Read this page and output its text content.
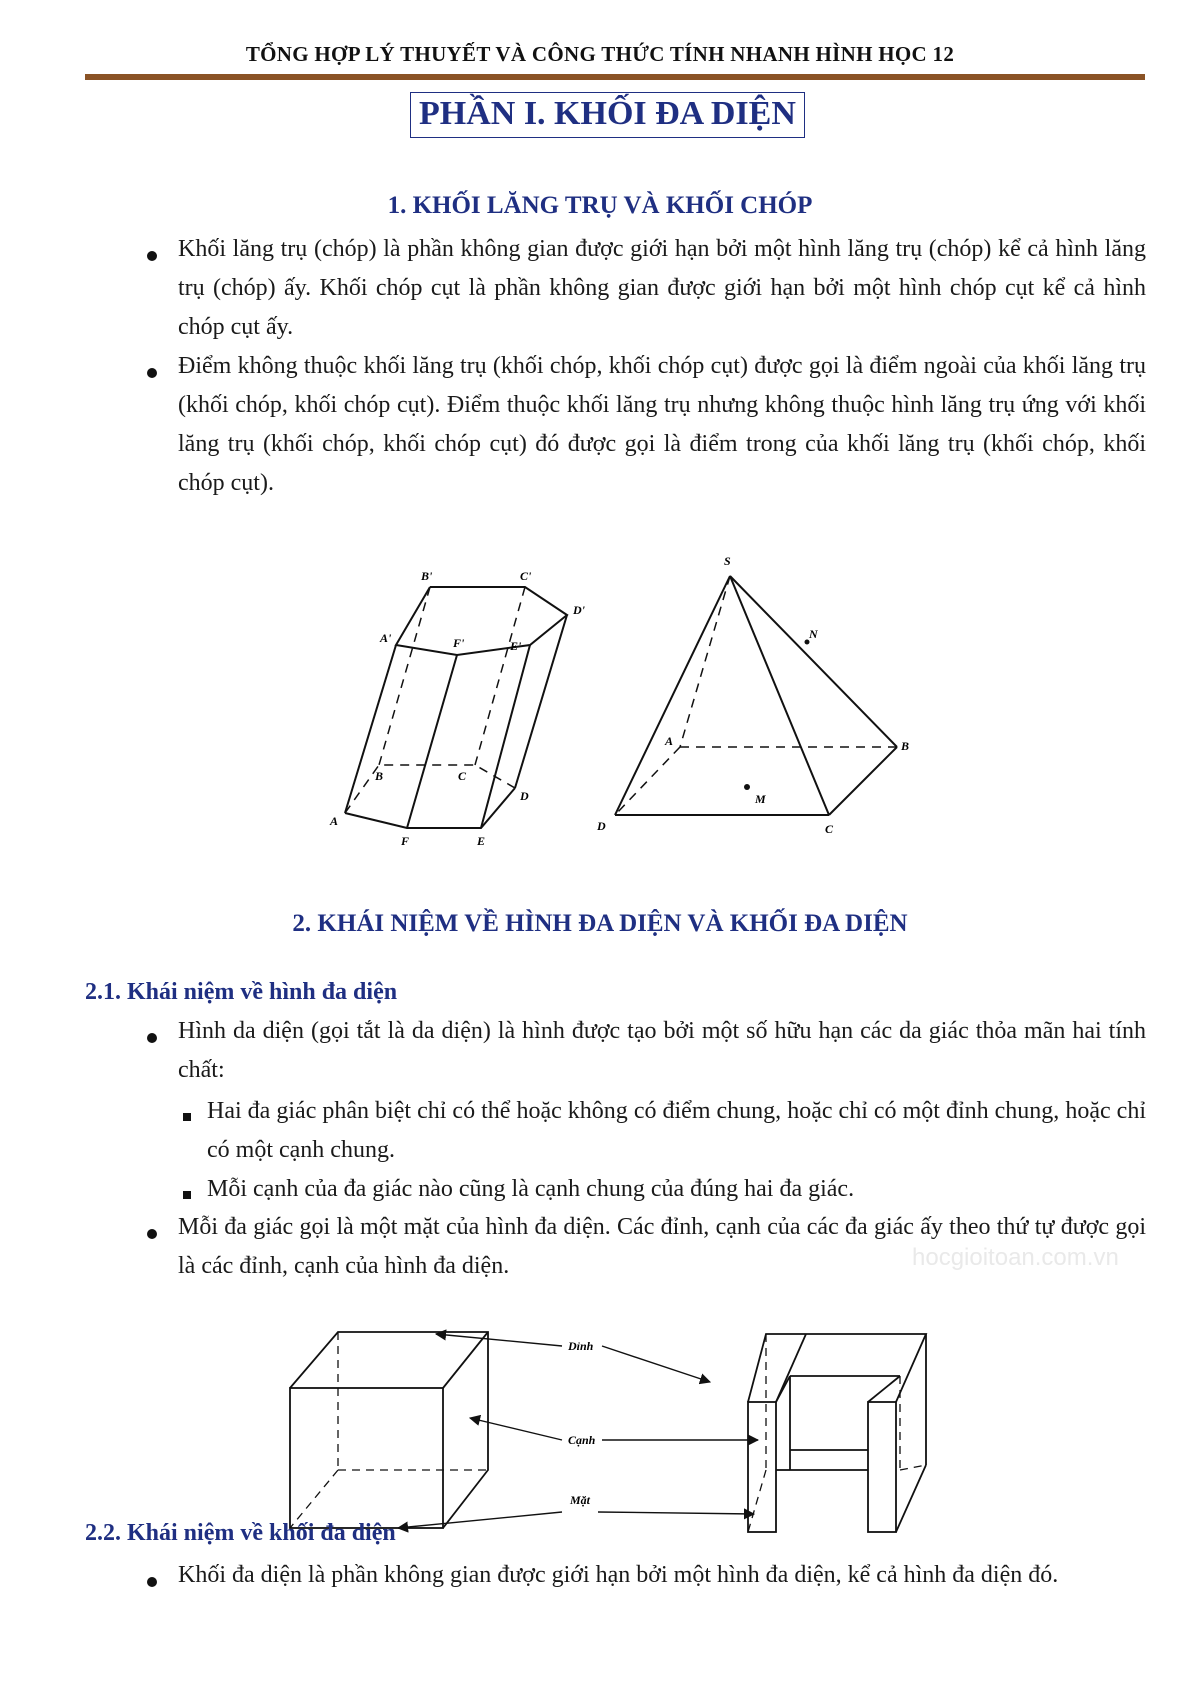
TỔNG HỢP LÝ THUYẾT VÀ CÔNG THỨC TÍNH NHANH HÌNH HỌC 12
PHẦN I. KHỐI ĐA DIỆN
1. KHỐI LĂNG TRỤ VÀ KHỐI CHÓP
Khối lăng trụ (chóp) là phần không gian được giới hạn bởi một hình lăng trụ (chóp) kể cả hình lăng trụ (chóp) ấy. Khối chóp cụt là phần không gian được giới hạn bởi một hình chóp cụt kể cả hình chóp cụt ấy.
Điểm không thuộc khối lăng trụ (khối chóp, khối chóp cụt) được gọi là điểm ngoài của khối lăng trụ (khối chóp, khối chóp cụt). Điểm thuộc khối lăng trụ nhưng không thuộc hình lăng trụ ứng với khối lăng trụ (khối chóp, khối chóp cụt) đó được gọi là điểm trong của khối lăng trụ (khối chóp, khối chóp cụt).
B'	C'
D'
A'	F'	E'
B	C
D
A
F	E
S
N
A	B
C
D
M
2. KHÁI NIỆM VỀ HÌNH ĐA DIỆN VÀ KHỐI ĐA DIỆN
2.1. Khái niệm về hình đa diện
Hình da diện (gọi tắt là da diện) là hình được tạo bởi một số hữu hạn các da giác thỏa mãn hai tính chất:
Hai đa giác phân biệt chỉ có thể hoặc không có điểm chung, hoặc chỉ có một đỉnh chung, hoặc chỉ có một cạnh chung.
Mỗi cạnh của đa giác nào cũng là cạnh chung của đúng hai đa giác.
Mỗi đa giác gọi là một mặt của hình đa diện. Các đỉnh, cạnh của các đa giác ấy theo thứ tự được gọi là các đỉnh, cạnh của hình đa diện.	hocgioitoan.com.vn
Dỉnh
Cạnh
Mặt
2.2. Khái niệm về khối đa diện
Khối đa diện là phần không gian được giới hạn bởi một hình đa diện, kể cả hình đa diện đó.
